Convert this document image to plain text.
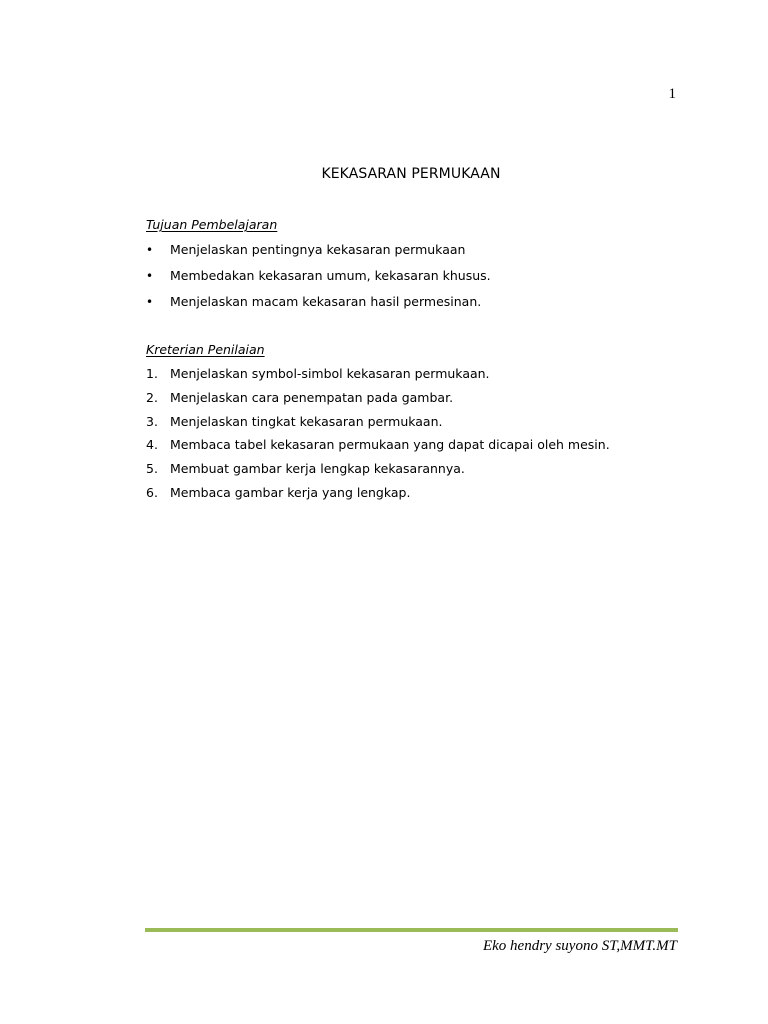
1
KEKASARAN PERMUKAAN
Tujuan Pembelajaran
• Menjelaskan pentingnya kekasaran permukaan
• Membedakan kekasaran umum, kekasaran khusus.
• Menjelaskan macam kekasaran hasil permesinan.
Kreterian Penilaian
1. Menjelaskan symbol-simbol kekasaran permukaan.
2. Menjelaskan cara penempatan pada gambar.
3. Menjelaskan tingkat kekasaran permukaan.
4. Membaca tabel kekasaran permukaan yang dapat dicapai oleh mesin.
5. Membuat gambar kerja lengkap kekasarannya.
6. Membaca gambar kerja yang lengkap.
Eko hendry suyono ST,MMT.MT
